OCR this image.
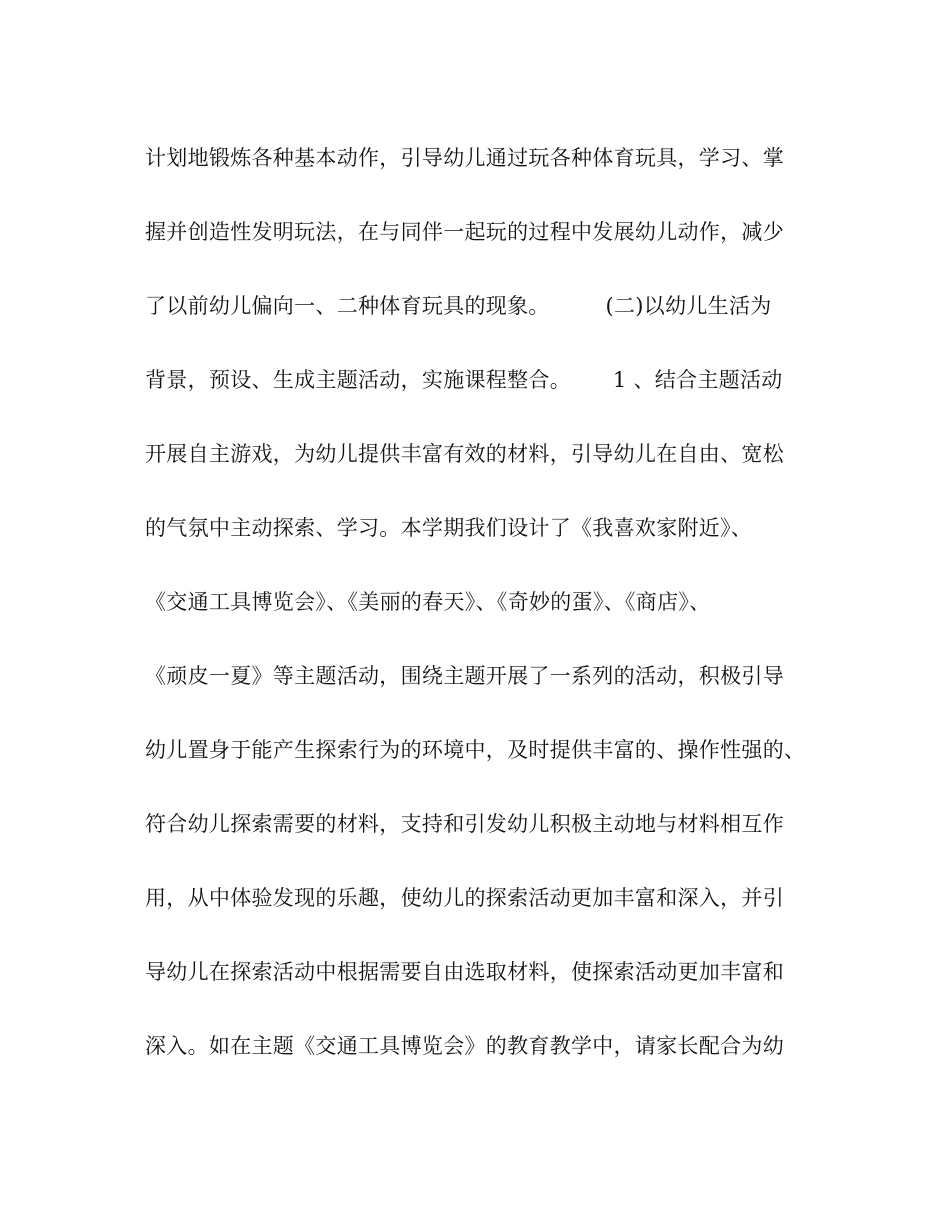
计划地锻炼各种基本动作，引导幼儿通过玩各种体育玩具，学习、掌
握并创造性发明玩法，在与同伴一起玩的过程中发展幼儿动作，减少
了以前幼儿偏向一、二种体育玩具的现象。        (二)以幼儿生活为
背景，预设、生成主题活动，实施课程整合。      1 、结合主题活动
开展自主游戏，为幼儿提供丰富有效的材料，引导幼儿在自由、宽松
的气氛中主动探索、学习。本学期我们设计了《我喜欢家附近》、
《交通工具博览会》、《美丽的春天》、《奇妙的蛋》、《商店》、
《顽皮一夏》等主题活动，围绕主题开展了一系列的活动，积极引导
幼儿置身于能产生探索行为的环境中，及时提供丰富的、操作性强的、
符合幼儿探索需要的材料，支持和引发幼儿积极主动地与材料相互作
用，从中体验发现的乐趣，使幼儿的探索活动更加丰富和深入，并引
导幼儿在探索活动中根据需要自由选取材料，使探索活动更加丰富和
深入。如在主题《交通工具博览会》的教育教学中，请家长配合为幼
